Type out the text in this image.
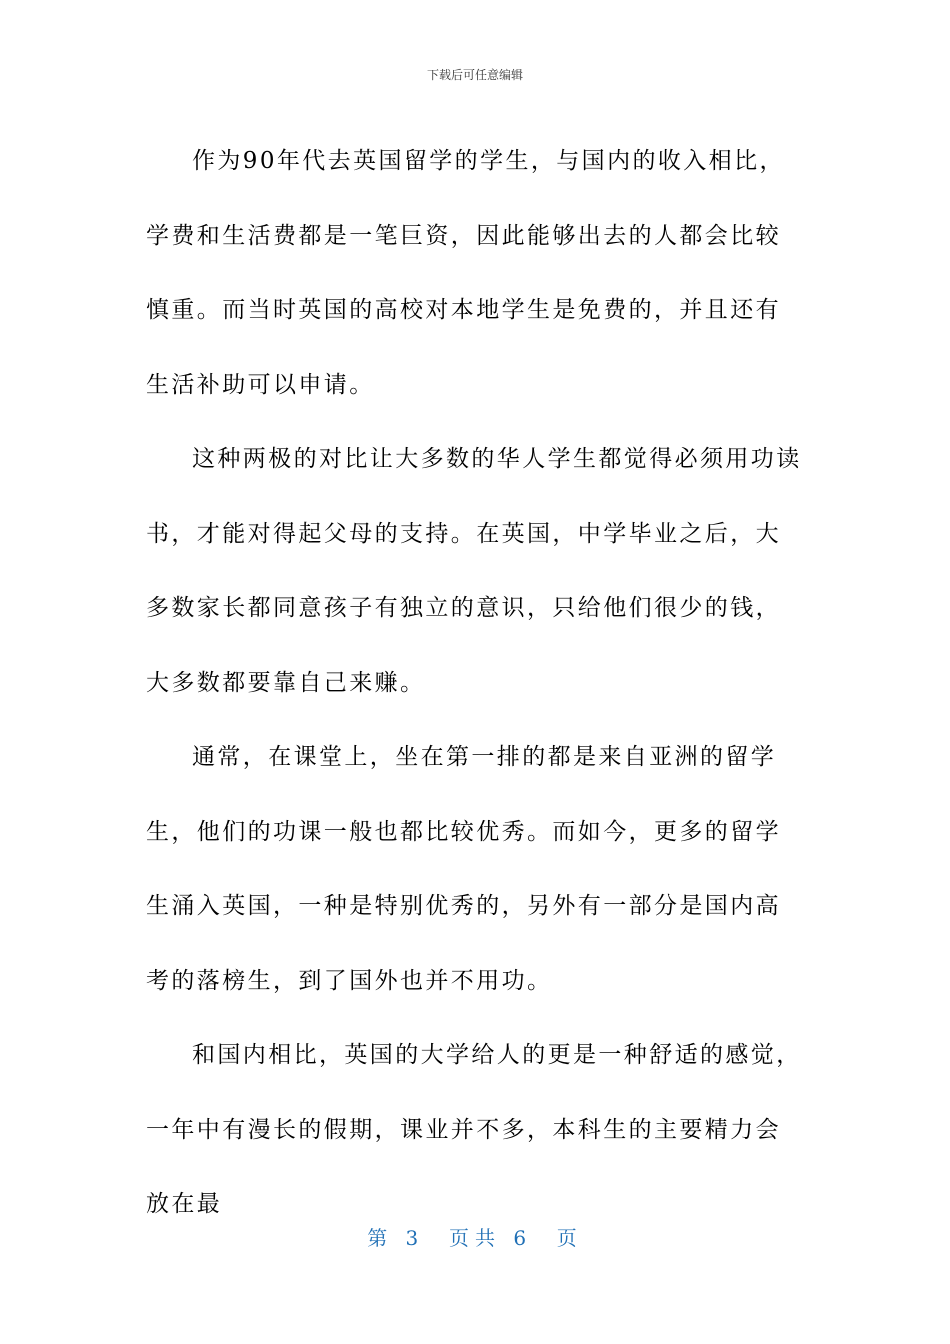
下载后可任意编辑

作为90年代去英国留学的学生，与国内的收入相比，学费和生活费都是一笔巨资，因此能够出去的人都会比较慎重。而当时英国的高校对本地学生是免费的，并且还有生活补助可以申请。

这种两极的对比让大多数的华人学生都觉得必须用功读书，才能对得起父母的支持。在英国，中学毕业之后，大多数家长都同意孩子有独立的意识，只给他们很少的钱，大多数都要靠自己来赚。

通常，在课堂上，坐在第一排的都是来自亚洲的留学生，他们的功课一般也都比较优秀。而如今，更多的留学生涌入英国，一种是特别优秀的，另外有一部分是国内高考的落榜生，到了国外也并不用功。

和国内相比，英国的大学给人的更是一种舒适的感觉，一年中有漫长的假期，课业并不多，本科生的主要精力会放在最

第 3  页共 6  页
